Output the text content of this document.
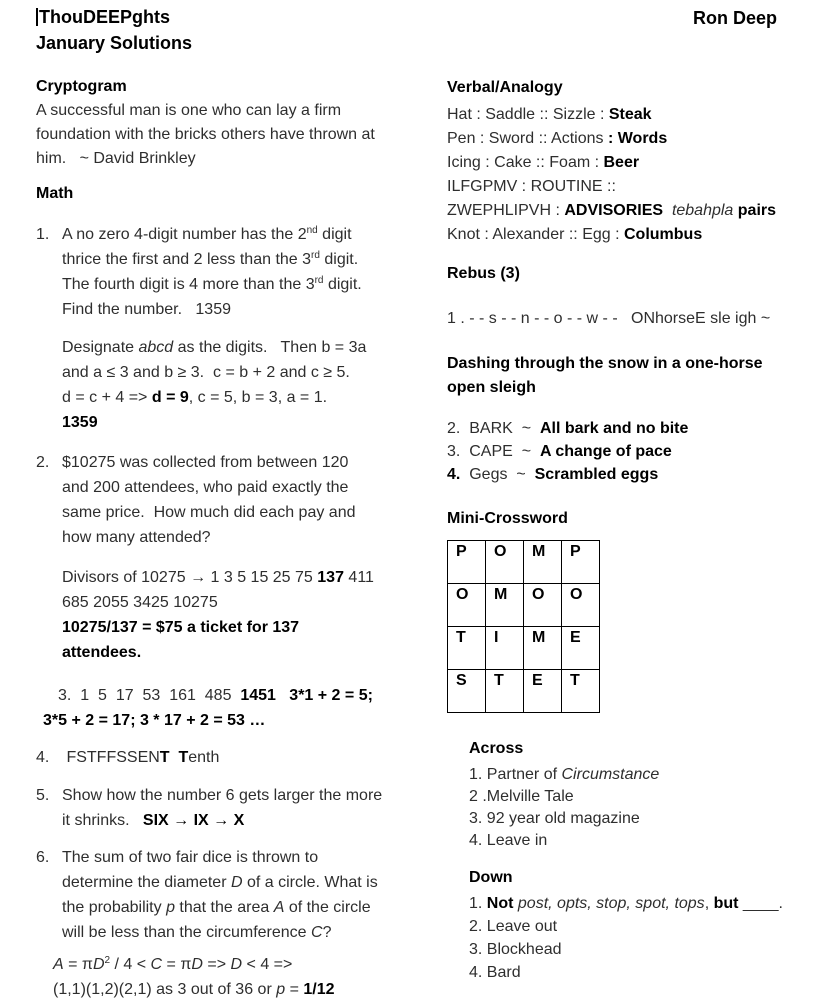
ThouDEEPghts
January Solutions
Ron Deep
Cryptogram
A successful man is one who can lay a firm
foundation with the bricks others have thrown at
him.   ~ David Brinkley
Math
1. A no zero 4-digit number has the 2nd digit
thrice the first and 2 less than the 3rd digit.
The fourth digit is 4 more than the 3rd digit.
Find the number.   1359
Designate abcd as the digits.   Then b = 3a
and a ≤ 3 and b ≥ 3.  c = b + 2 and c ≥ 5.
d = c + 4 => d = 9, c = 5, b = 3, a = 1.
1359
2. $10275 was collected from between 120
and 200 attendees, who paid exactly the
same price.  How much did each pay and
how many attended?
Divisors of 10275 → 1 3 5 15 25 75 137 411
685 2055 3425 10275
10275/137 = $75 a ticket for 137
attendees.
3.  1  5  17  53  161  485  1451 3*1 + 2 = 5;
3*5 + 2 = 17; 3 * 17 + 2 = 53 …
4. FSTFFSSENT Tenth
5. Show how the number 6 gets larger the more
it shrinks.   SIX → IX → X
6. The sum of two fair dice is thrown to
determine the diameter D of a circle. What is
the probability p that the area A of the circle
will be less than the circumference C?
$A = \pi D^2 / 4 < C = \pi D => D < 4$ =>
(1,1)(1,2)(2,1) as 3 out of 36 or p = 1/12
Verbal/Analogy
Hat : Saddle :: Sizzle : Steak
Pen : Sword :: Actions : Words
Icing : Cake :: Foam : Beer
ILFGPMV : ROUTINE ::
ZWEPHLIPVH : ADVISORIES tebahpla pairs
Knot : Alexander :: Egg : Columbus
Rebus (3)
1 . - - s - - n - - o - - w - -   ONhorseE sle igh ~
Dashing through the snow in a one-horse
open sleigh
2.  BARK  ~  All bark and no bite
3.  CAPE  ~  A change of pace
4.  Gegs  ~  Scrambled eggs
Mini-Crossword
P	O	M	P
O	M	O	O
T	I	M	E
S	T	E	T
Across
1. Partner of Circumstance
2 .Melville Tale
3. 92 year old magazine
4. Leave in
Down
1. Not post, opts, stop, spot, tops, but ____.
2. Leave out
3. Blockhead
4. Bard
